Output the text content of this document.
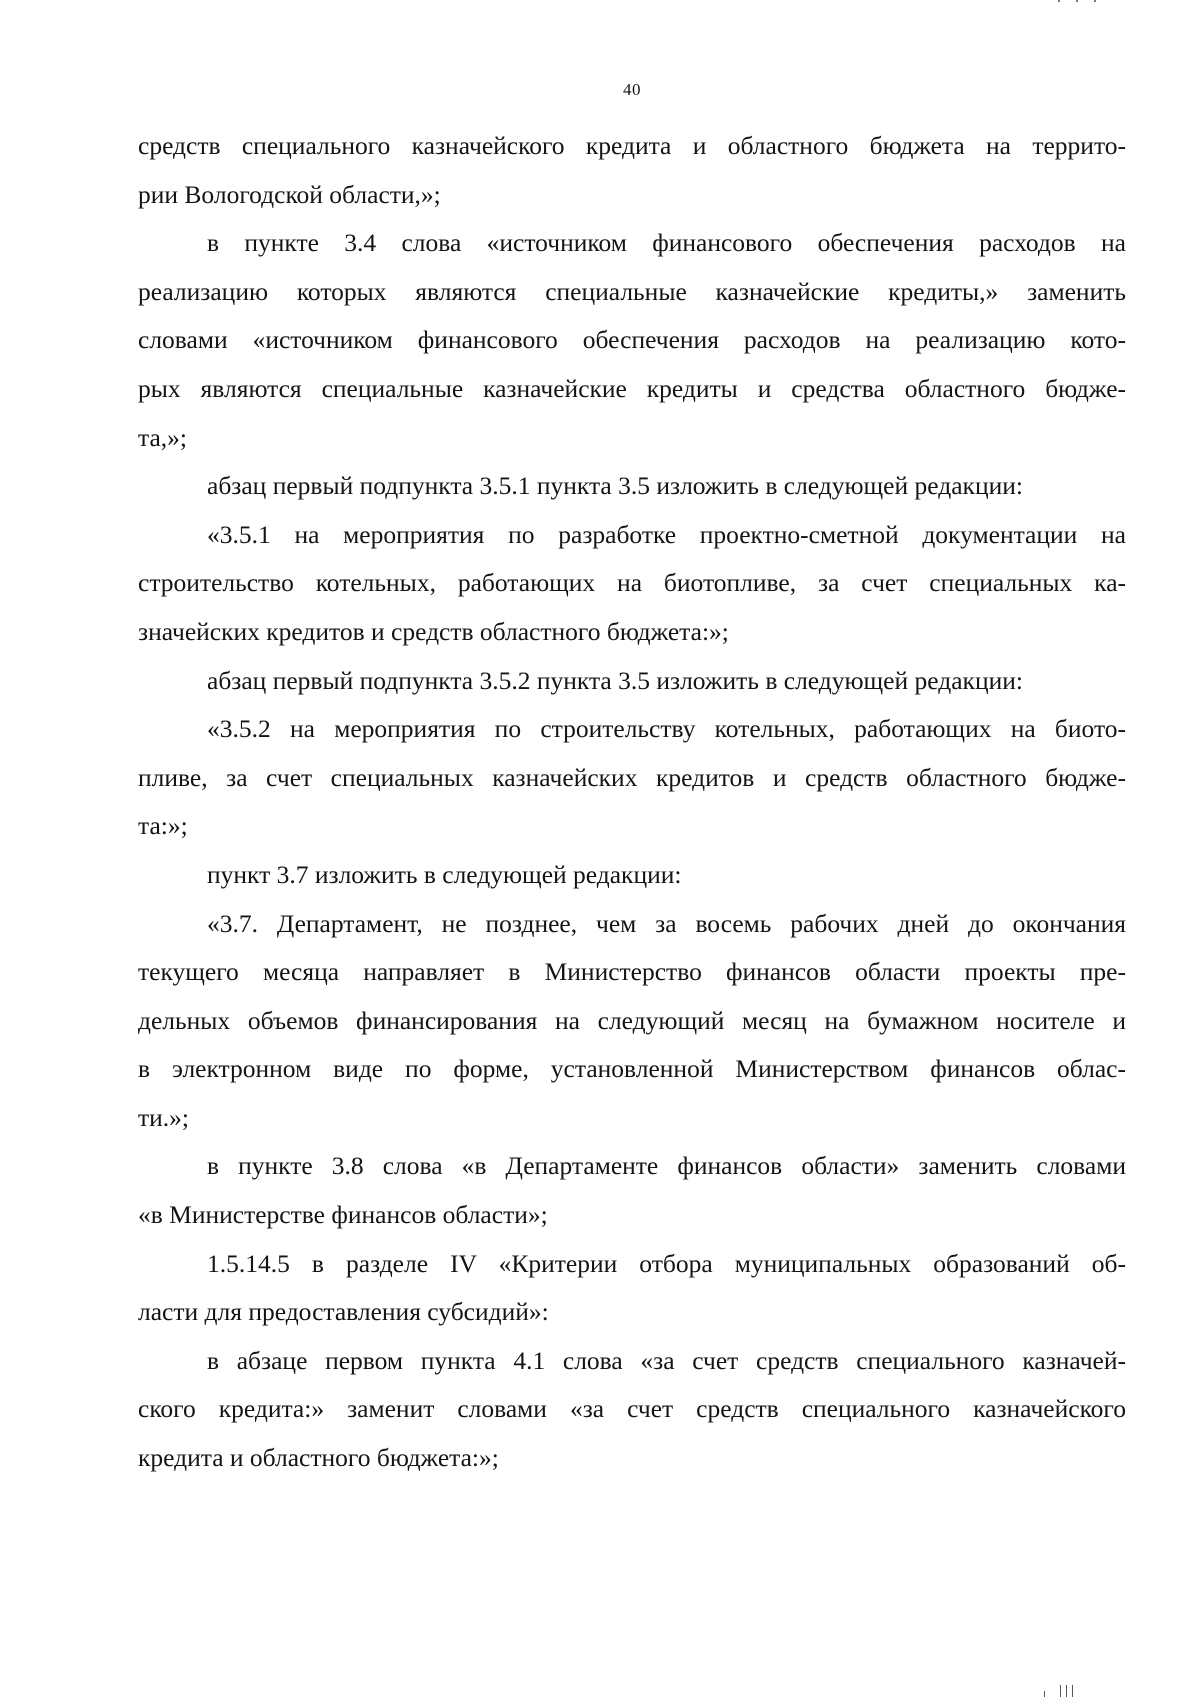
40

средств специального казначейского кредита и областного бюджета на террито-
рии Вологодской области,»;

в пункте 3.4 слова «источником финансового обеспечения расходов на
реализацию которых являются специальные казначейские кредиты,» заменить
словами «источником финансового обеспечения расходов на реализацию кото-
рых являются специальные казначейские кредиты и средства областного бюдже-
та,»;

абзац первый подпункта 3.5.1 пункта 3.5 изложить в следующей редакции:

«3.5.1 на мероприятия по разработке проектно-сметной документации на
строительство котельных, работающих на биотопливе, за счет специальных ка-
значейских кредитов и средств областного бюджета:»;

абзац первый подпункта 3.5.2 пункта 3.5 изложить в следующей редакции:

«3.5.2 на мероприятия по строительству котельных, работающих на биото-
пливе, за счет специальных казначейских кредитов и средств областного бюдже-
та:»;

пункт 3.7 изложить в следующей редакции:

«3.7. Департамент, не позднее, чем за восемь рабочих дней до окончания
текущего месяца направляет в Министерство финансов области проекты пре-
дельных объемов финансирования на следующий месяц на бумажном носителе и
в электронном виде по форме, установленной Министерством финансов облас-
ти.»;

в пункте 3.8 слова «в Департаменте финансов области» заменить словами
«в Министерстве финансов области»;

1.5.14.5 в разделе IV «Критерии отбора муниципальных образований об-
ласти для предоставления субсидий»:

в абзаце первом пункта 4.1 слова «за счет средств специального казначей-
ского кредита:» заменит словами «за счет средств специального казначейского
кредита и областного бюджета:»;
